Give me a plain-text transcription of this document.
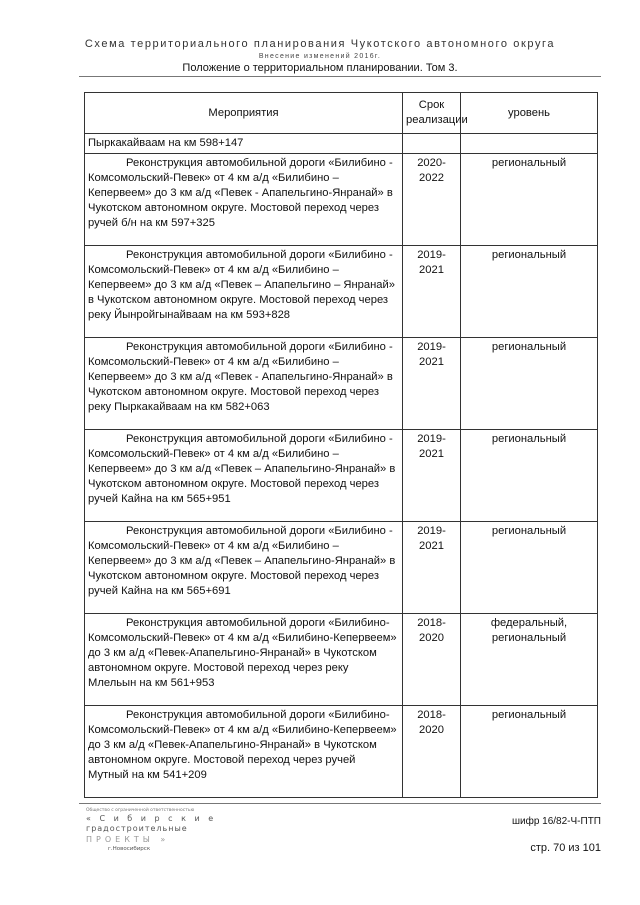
Схема территориального планирования Чукотского автономного округа
Внесение изменений 2016г.
Положение о территориальном планировании. Том 3.
Мероприятия	Срок реализации	уровень
Пыркакайваам на км 598+147		
Реконструкция автомобильной дороги «Билибино - Комсомольский-Певек» от 4 км а/д «Билибино – Кепервеем» до 3 км а/д «Певек - Апапельгино-Янранай» в Чукотском автономном округе. Мостовой переход через ручей б/н на км 597+325	2020-2022	региональный
Реконструкция автомобильной дороги «Билибино - Комсомольский-Певек» от 4 км а/д «Билибино – Кепервеем» до 3 км а/д «Певек – Апапельгино – Янранай» в Чукотском автономном округе. Мостовой переход через реку Йынройгынайваам на км 593+828	2019-2021	региональный
Реконструкция автомобильной дороги «Билибино - Комсомольский-Певек» от 4 км а/д «Билибино – Кепервеем» до 3 км а/д «Певек - Апапельгино-Янранай» в Чукотском автономном округе. Мостовой переход через реку Пыркакайваам на км 582+063	2019-2021	региональный
Реконструкция автомобильной дороги «Билибино - Комсомольский-Певек» от 4 км а/д «Билибино – Кепервеем» до 3 км а/д «Певек – Апапельгино-Янранай» в Чукотском автономном округе. Мостовой переход через ручей Кайна на км 565+951	2019-2021	региональный
Реконструкция автомобильной дороги «Билибино - Комсомольский-Певек» от 4 км а/д «Билибино – Кепервеем» до 3 км а/д «Певек – Апапельгино-Янранай» в Чукотском автономном округе. Мостовой переход через ручей Кайна на км 565+691	2019-2021	региональный
Реконструкция автомобильной дороги «Билибино-Комсомольский-Певек» от 4 км а/д «Билибино-Кепервеем» до 3 км а/д «Певек-Апапельгино-Янранай» в Чукотском автономном округе. Мостовой переход через реку Млельын на км 561+953	2018-2020	федеральный, региональный
Реконструкция автомобильной дороги «Билибино-Комсомольский-Певек» от 4 км а/д «Билибино-Кепервеем» до 3 км а/д «Певек-Апапельгино-Янранай» в Чукотском автономном округе. Мостовой переход через ручей Мутный на км 541+209	2018-2020	региональный
Общество с ограниченной ответственностью
« С и б и р с к и е
градостроительные
ПРОЕКТЫ »
г.Новосибирск
шифр 16/82-Ч-ПТП
стр. 70 из 101
